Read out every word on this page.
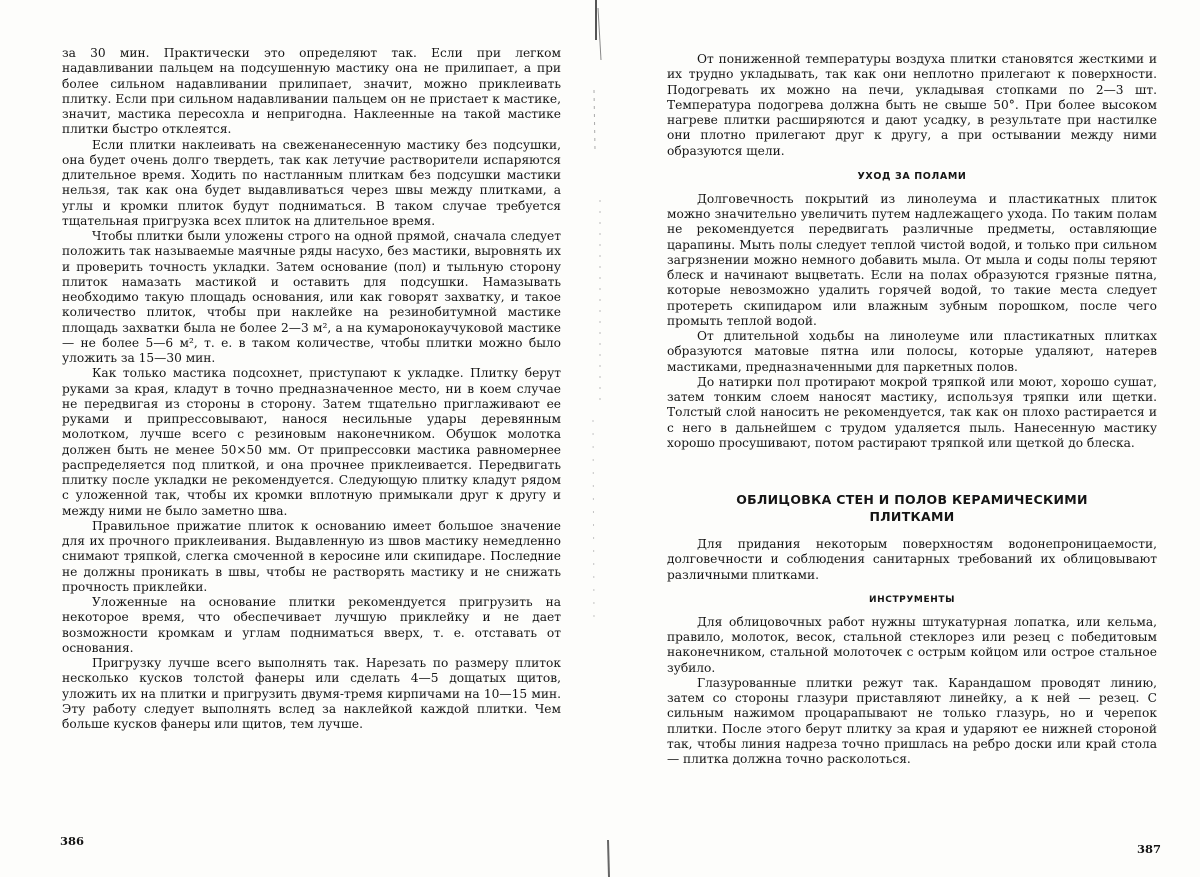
за 30 мин. Практически это определяют так. Если при легком надавливании пальцем на подсушенную мастику она не прилипает, а при более сильном надавливании прилипает, значит, можно приклеивать плитку. Если при сильном надавливании пальцем он не пристает к мастике, значит, мастика пересохла и непригодна. Наклеенные на такой мастике плитки быстро отклеятся.

Если плитки наклеивать на свеженанесенную мастику без подсушки, она будет очень долго твердеть, так как летучие растворители испаряются длительное время. Ходить по настланным плиткам без подсушки мастики нельзя, так как она будет выдавливаться через швы между плитками, а углы и кромки плиток будут подниматься. В таком случае требуется тщательная пригрузка всех плиток на длительное время.

Чтобы плитки были уложены строго на одной прямой, сначала следует положить так называемые маячные ряды насухо, без мастики, выровнять их и проверить точность укладки. Затем основание (пол) и тыльную сторону плиток намазать мастикой и оставить для подсушки. Намазывать необходимо такую площадь основания, или как говорят захватку, и такое количество плиток, чтобы при наклейке на резинобитумной мастике площадь захватки была не более 2—3 м², а на кумаронокаучуковой мастике — не более 5—6 м², т. е. в таком количестве, чтобы плитки можно было уложить за 15—30 мин.

Как только мастика подсохнет, приступают к укладке. Плитку берут руками за края, кладут в точно предназначенное место, ни в коем случае не передвигая из стороны в сторону. Затем тщательно приглаживают ее руками и припрессовывают, нанося несильные удары деревянным молотком, лучше всего с резиновым наконечником. Обушок молотка должен быть не менее 50×50 мм. От припрессовки мастика равномернее распределяется под плиткой, и она прочнее приклеивается. Передвигать плитку после укладки не рекомендуется. Следующую плитку кладут рядом с уложенной так, чтобы их кромки вплотную примыкали друг к другу и между ними не было заметно шва.

Правильное прижатие плиток к основанию имеет большое значение для их прочного приклеивания. Выдавленную из швов мастику немедленно снимают тряпкой, слегка смоченной в керосине или скипидаре. Последние не должны проникать в швы, чтобы не растворять мастику и не снижать прочность приклейки.

Уложенные на основание плитки рекомендуется пригрузить на некоторое время, что обеспечивает лучшую приклейку и не дает возможности кромкам и углам подниматься вверх, т. е. отставать от основания.

Пригрузку лучше всего выполнять так. Нарезать по размеру плиток несколько кусков толстой фанеры или сделать 4—5 дощатых щитов, уложить их на плитки и пригрузить двумя-тремя кирпичами на 10—15 мин. Эту работу следует выполнять вслед за наклейкой каждой плитки. Чем больше кусков фанеры или щитов, тем лучше.

386

От пониженной температуры воздуха плитки становятся жесткими и их трудно укладывать, так как они неплотно прилегают к поверхности. Подогревать их можно на печи, укладывая стопками по 2—3 шт. Температура подогрева должна быть не свыше 50°. При более высоком нагреве плитки расширяются и дают усадку, в результате при настилке они плотно прилегают друг к другу, а при остывании между ними образуются щели.

УХОД ЗА ПОЛАМИ

Долговечность покрытий из линолеума и пластикатных плиток можно значительно увеличить путем надлежащего ухода. По таким полам не рекомендуется передвигать различные предметы, оставляющие царапины. Мыть полы следует теплой чистой водой, и только при сильном загрязнении можно немного добавить мыла. От мыла и соды полы теряют блеск и начинают выцветать. Если на полах образуются грязные пятна, которые невозможно удалить горячей водой, то такие места следует протереть скипидаром или влажным зубным порошком, после чего промыть теплой водой.

От длительной ходьбы на линолеуме или пластикатных плитках образуются матовые пятна или полосы, которые удаляют, натерев мастиками, предназначенными для паркетных полов.

До натирки пол протирают мокрой тряпкой или моют, хорошо сушат, затем тонким слоем наносят мастику, используя тряпки или щетки. Толстый слой наносить не рекомендуется, так как он плохо растирается и с него в дальнейшем с трудом удаляется пыль. Нанесенную мастику хорошо просушивают, потом растирают тряпкой или щеткой до блеска.

ОБЛИЦОВКА СТЕН И ПОЛОВ КЕРАМИЧЕСКИМИ
ПЛИТКАМИ

Для придания некоторым поверхностям водонепроницаемости, долговечности и соблюдения санитарных требований их облицовывают различными плитками.

ИНСТРУМЕНТЫ

Для облицовочных работ нужны штукатурная лопатка, или кельма, правило, молоток, весок, стальной стеклорез или резец с победитовым наконечником, стальной молоточек с острым койцом или острое стальное зубило.

Глазурованные плитки режут так. Карандашом проводят линию, затем со стороны глазури приставляют линейку, а к ней — резец. С сильным нажимом процарапывают не только глазурь, но и черепок плитки. После этого берут плитку за края и ударяют ее нижней стороной так, чтобы линия надреза точно пришлась на ребро доски или край стола — плитка должна точно расколоться.

387
